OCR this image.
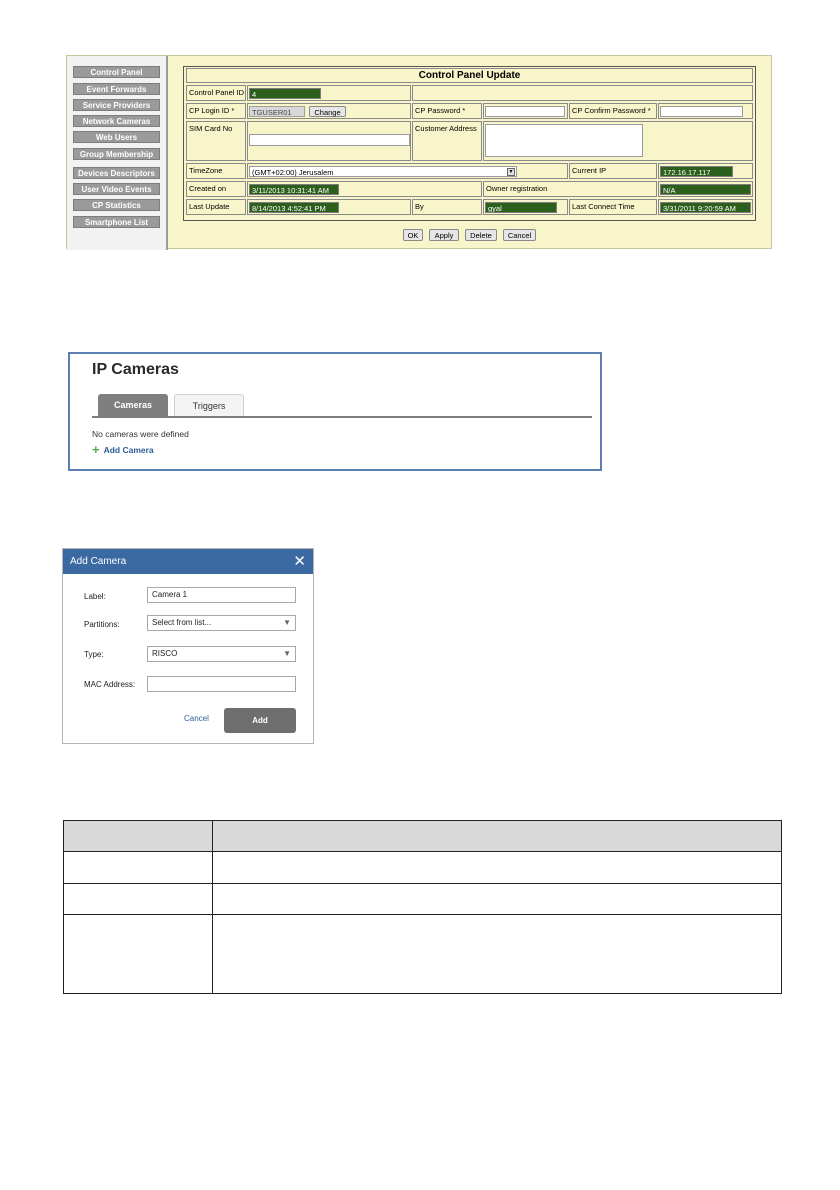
Control Panel
Event Forwards
Service Providers
Network Cameras
Web Users
Group Membership
Devices Descriptors
User Video Events
CP Statistics
Smartphone List
Control Panel Update
Control Panel ID	4
CP Login ID *	TGUSER01	Change	CP Password *	CP Confirm Password *
SIM Card No	Customer Address
TimeZone	(GMT+02:00) Jerusalem	▾	Current IP	172.16.17.117
Created on	3/11/2013 10:31:41 AM	Owner registration	N/A
Last Update	8/14/2013 4:52:41 PM	By	gyal	Last Connect Time	3/31/2011 9:20:59 AM
OK	Apply	Delete	Cancel
IP Cameras
Cameras	Triggers
No cameras were defined
+ Add Camera
Add Camera	✕
Label:	Camera 1
Partitions:	Select from list...	▼
Type:	RISCO	▼
MAC Address:
Cancel	Add
